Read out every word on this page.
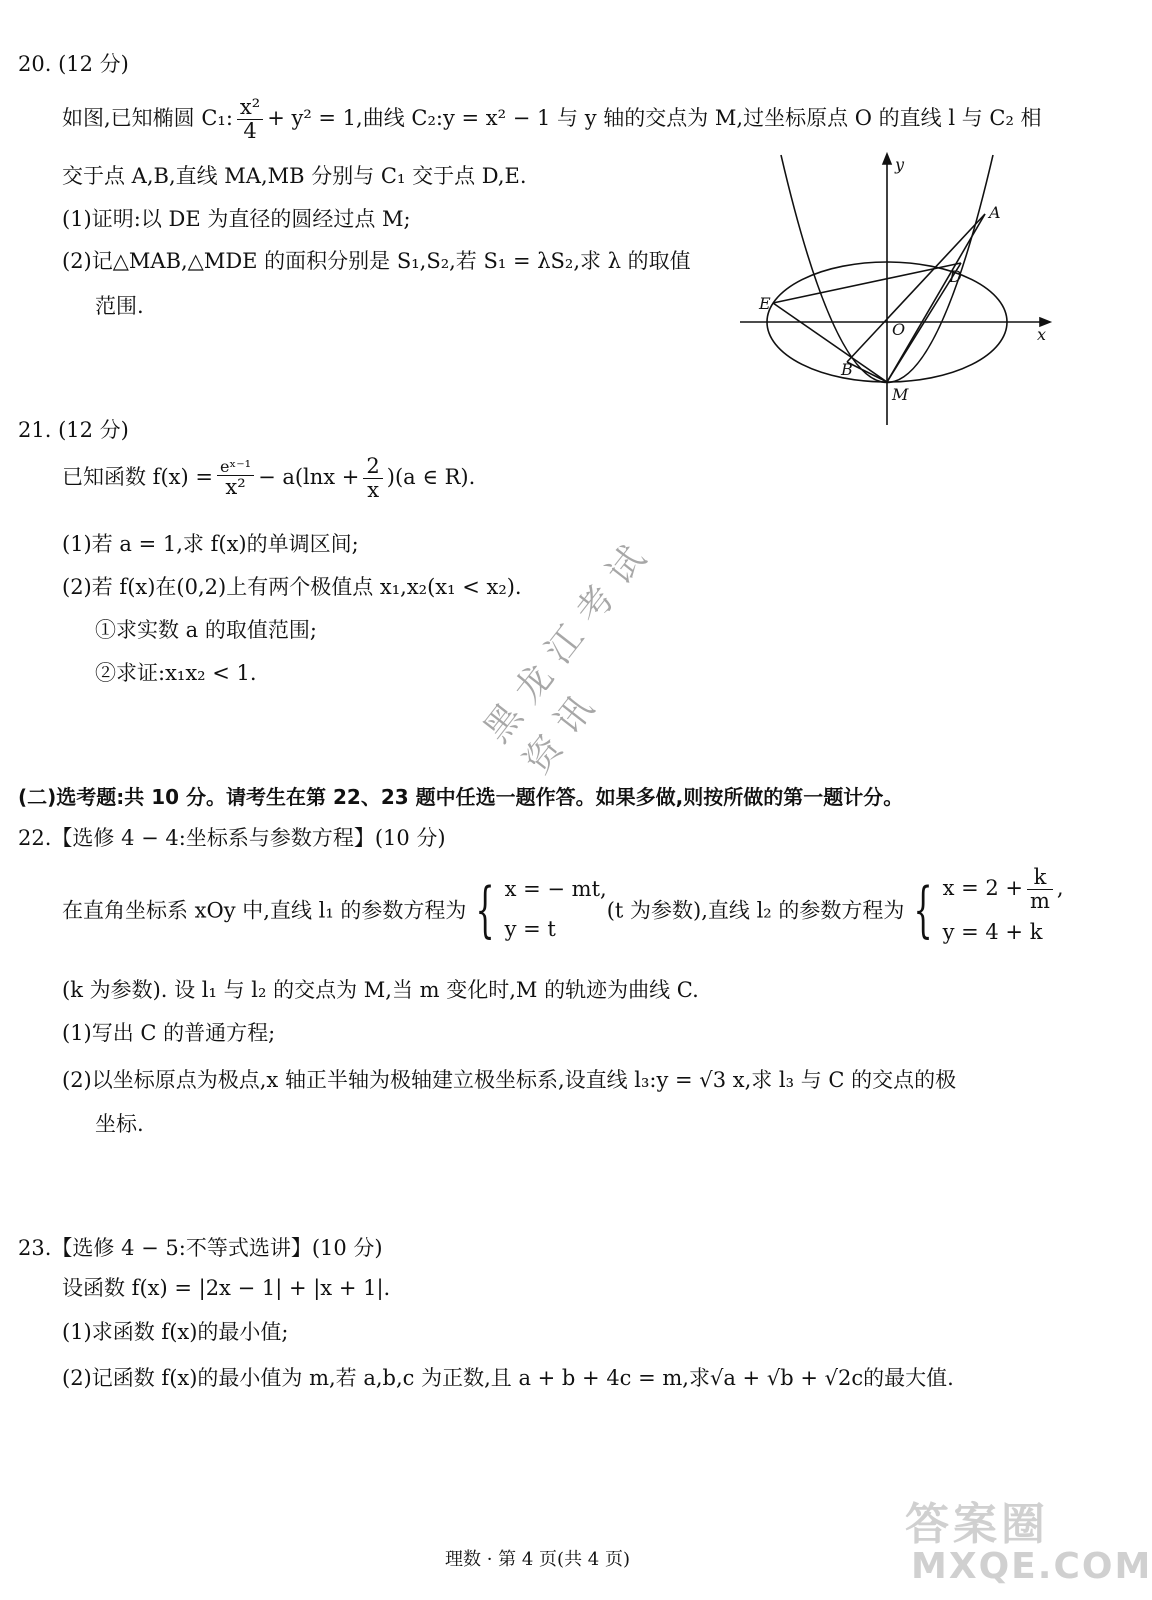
20. (12 分)
如图,已知椭圆 C₁: $\frac{\text{x²}}{4} + y^2 = 1$,曲线 C₂:y = x² − 1 与 y 轴的交点为 M,过坐标原点 O 的直线 l 与 C₂ 相
交于点 A,B,直线 MA,MB 分别与 C₁ 交于点 D,E.
(1)证明:以 DE 为直径的圆经过点 M;
(2)记△MAB,△MDE 的面积分别是 S₁,S₂,若 S₁ = λS₂,求 λ 的取值
范围.
y
x
A
D
E
O
B
M
21. (12 分)
已知函数 $f(x) = \frac{\text{eˣ⁻¹}}{\text{x²}} - a(\ln x + \frac{2}{x} )(a$ ∈ R).
(1)若 a = 1,求 f(x)的单调区间;
(2)若 f(x)在(0,2)上有两个极值点 x₁,x₂(x₁ < x₂).
①求实数 a 的取值范围;
②求证:x₁x₂ < 1.
(二)选考题:共 10 分。请考生在第 22、23 题中任选一题作答。如果多做,则按所做的第一题计分。
22.【选修 4 − 4:坐标系与参数方程】(10 分)
在直角坐标系 xOy 中,直线 l₁ 的参数方程为 { x = − mt,
y = t
(t 为参数),直线 l₂ 的参数方程为 { $x = 2 + \frac{k}{m}$ ,
y = 4 + k
(k 为参数). 设 l₁ 与 l₂ 的交点为 M,当 m 变化时,M 的轨迹为曲线 C.
(1)写出 C 的普通方程;
(2)以坐标原点为极点,x 轴正半轴为极轴建立极坐标系,设直线 l₃:y = √3 x,求 l₃ 与 C 的交点的极
坐标.
23.【选修 4 − 5:不等式选讲】(10 分)
设函数 f(x) = |2x − 1| + |x + 1|.
(1)求函数 f(x)的最小值;
(2)记函数 f(x)的最小值为 m,若 a,b,c 为正数,且 a + b + 4c = m,求√a + √b + √2c的最大值.
理数 · 第 4 页(共 4 页)
黑龙江考试资讯
答案圈
MXQE.COM
